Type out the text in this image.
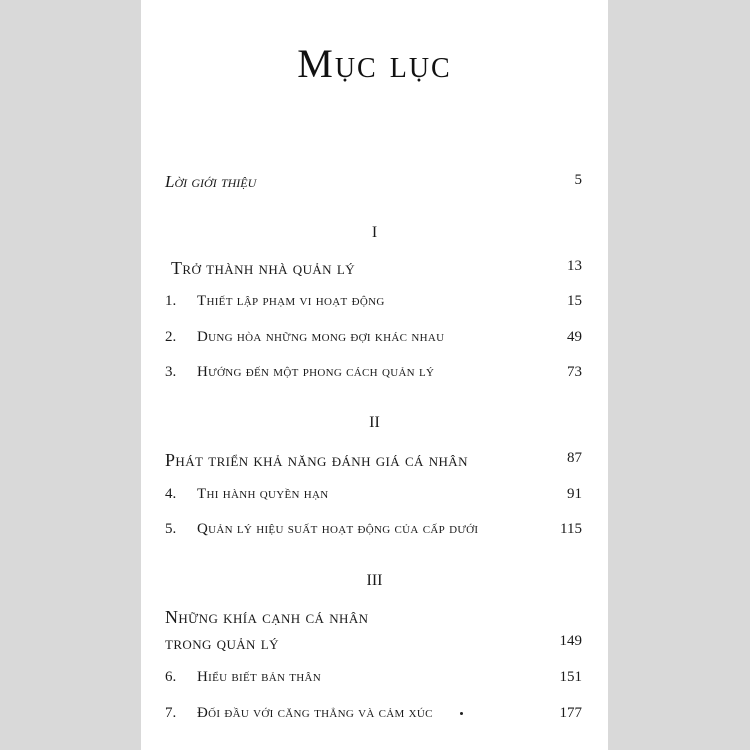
Mục lục
Lời giới thiệu	5
I
Trở thành nhà quản lý	13
1.	Thiết lập phạm vi hoạt động	15
2.	Dung hòa những mong đợi khác nhau	49
3.	Hướng đến một phong cách quản lý	73
II
Phát triển khả năng đánh giá cá nhân	87
4.	Thi hành quyền hạn	91
5.	Quản lý hiệu suất hoạt động của cấp dưới	115
III
Những khía cạnh cá nhân
trong quản lý	149
6.	Hiểu biết bản thân	151
7.	Đối đầu với căng thẳng và cảm xúc	177
